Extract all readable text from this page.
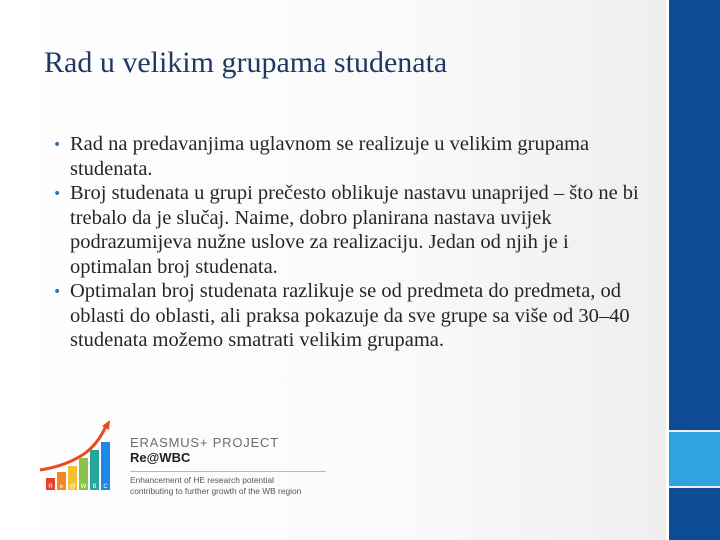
Rad u velikim grupama studenata
• Rad na predavanjima uglavnom se realizuje u velikim grupama studenata.
• Broj studenata u grupi prečesto oblikuje nastavu unaprijed – što ne bi trebalo da je slučaj. Naime, dobro planirana nastava uvijek podrazumijeva nužne uslove za realizaciju. Jedan od njih je i optimalan broj studenata.
• Optimalan broj studenata razlikuje se od predmeta do predmeta, od oblasti do oblasti, ali praksa pokazuje da sve grupe sa više od 30–40 studenata možemo smatrati velikim grupama.
R e @ W B C
ERASMUS+ PROJECT
Re@WBC
Enhancement of HE research potential
contributing to further growth of the WB region
